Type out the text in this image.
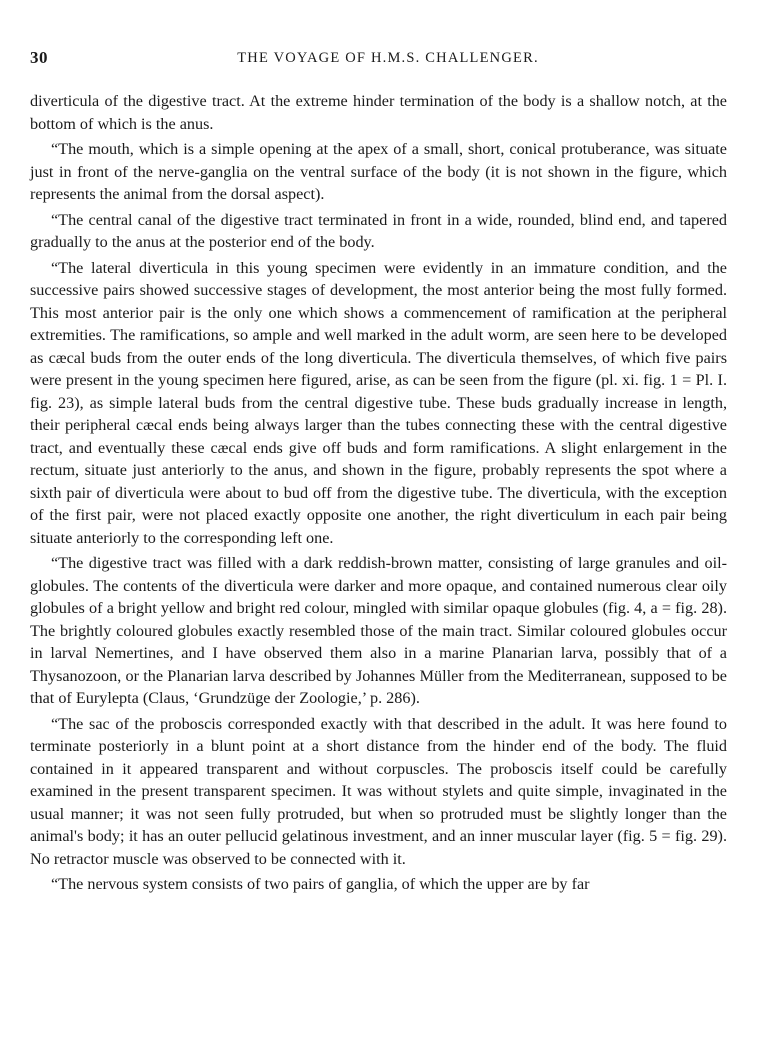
30	THE VOYAGE OF H.M.S. CHALLENGER.

diverticula of the digestive tract. At the extreme hinder termination of the body is a shallow notch, at the bottom of which is the anus.

“The mouth, which is a simple opening at the apex of a small, short, conical protuberance, was situate just in front of the nerve-ganglia on the ventral surface of the body (it is not shown in the figure, which represents the animal from the dorsal aspect).

“The central canal of the digestive tract terminated in front in a wide, rounded, blind end, and tapered gradually to the anus at the posterior end of the body.

“The lateral diverticula in this young specimen were evidently in an immature condition, and the successive pairs showed successive stages of development, the most anterior being the most fully formed. This most anterior pair is the only one which shows a commencement of ramification at the peripheral extremities. The ramifications, so ample and well marked in the adult worm, are seen here to be developed as cæcal buds from the outer ends of the long diverticula. The diverticula themselves, of which five pairs were present in the young specimen here figured, arise, as can be seen from the figure (pl. xi. fig. 1 = Pl. I. fig. 23), as simple lateral buds from the central digestive tube. These buds gradually increase in length, their peripheral cæcal ends being always larger than the tubes connecting these with the central digestive tract, and eventually these cæcal ends give off buds and form ramifications. A slight enlargement in the rectum, situate just anteriorly to the anus, and shown in the figure, probably represents the spot where a sixth pair of diverticula were about to bud off from the digestive tube. The diverticula, with the exception of the first pair, were not placed exactly opposite one another, the right diverticulum in each pair being situate anteriorly to the corresponding left one.

“The digestive tract was filled with a dark reddish-brown matter, consisting of large granules and oil-globules. The contents of the diverticula were darker and more opaque, and contained numerous clear oily globules of a bright yellow and bright red colour, mingled with similar opaque globules (fig. 4, a = fig. 28). The brightly coloured globules exactly resembled those of the main tract. Similar coloured globules occur in larval Nemertines, and I have observed them also in a marine Planarian larva, possibly that of a Thysanozoon, or the Planarian larva described by Johannes Müller from the Mediterranean, supposed to be that of Eurylepta (Claus, ‘Grundzüge der Zoologie,’ p. 286).

“The sac of the proboscis corresponded exactly with that described in the adult. It was here found to terminate posteriorly in a blunt point at a short distance from the hinder end of the body. The fluid contained in it appeared transparent and without corpuscles. The proboscis itself could be carefully examined in the present transparent specimen. It was without stylets and quite simple, invaginated in the usual manner; it was not seen fully protruded, but when so protruded must be slightly longer than the animal's body; it has an outer pellucid gelatinous investment, and an inner muscular layer (fig. 5 = fig. 29). No retractor muscle was observed to be connected with it.

“The nervous system consists of two pairs of ganglia, of which the upper are by far
